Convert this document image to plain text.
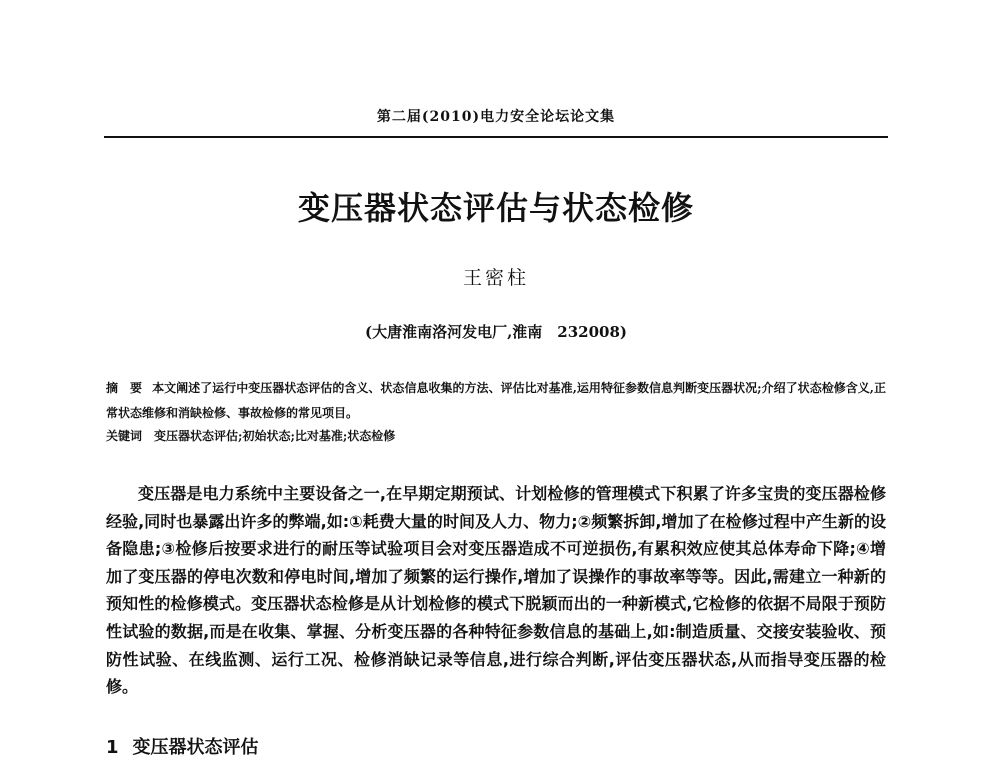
第二届(2010)电力安全论坛论文集
变压器状态评估与状态检修
王密柱
(大唐淮南洛河发电厂,淮南　232008)
摘　要 本文阐述了运行中变压器状态评估的含义、状态信息收集的方法、评估比对基准,运用特征参数信息判断变压器状况;介绍了状态检修含义,正常状态维修和消缺检修、事故检修的常见项目。
关键词 变压器状态评估;初始状态;比对基准;状态检修
变压器是电力系统中主要设备之一,在早期定期预试、计划检修的管理模式下积累了许多宝贵的变压器检修经验,同时也暴露出许多的弊端,如:①耗费大量的时间及人力、物力;②频繁拆卸,增加了在检修过程中产生新的设备隐患;③检修后按要求进行的耐压等试验项目会对变压器造成不可逆损伤,有累积效应使其总体寿命下降;④增加了变压器的停电次数和停电时间,增加了频繁的运行操作,增加了误操作的事故率等等。因此,需建立一种新的预知性的检修模式。变压器状态检修是从计划检修的模式下脱颖而出的一种新模式,它检修的依据不局限于预防性试验的数据,而是在收集、掌握、分析变压器的各种特征参数信息的基础上,如:制造质量、交接安装验收、预防性试验、在线监测、运行工况、检修消缺记录等信息,进行综合判断,评估变压器状态,从而指导变压器的检修。
1 变压器状态评估
